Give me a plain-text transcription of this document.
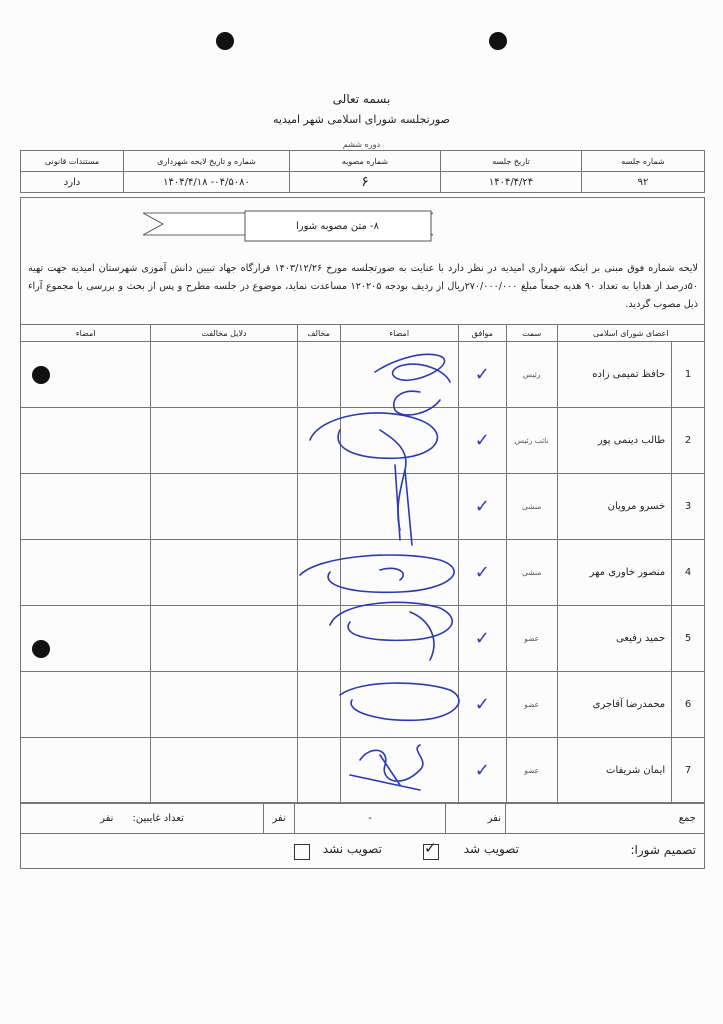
بسمه تعالی
صورتجلسه شورای اسلامی شهر امیدیه
دوره ششم
شماره جلسه	تاریخ جلسه	شماره مصوبه	شماره و تاریخ لایحه شهرداری	مستندات قانونی
۹۲	۱۴۰۴/۴/۲۴	۶	۰۴/۵۰۸۰- ۱۴۰۴/۴/۱۸	دارد
۸- متن مصوبه شورا
لایحه شماره فوق مبنی بر اینکه شهرداری امیدیه در نظر دارد با عنایت به صورتجلسه مورخ ۱۴۰۳/۱۲/۲۶ قرارگاه جهاد تبیین دانش آموزی شهرستان امیدیه جهت تهیه ۵۰درصد از هدایا به تعداد ۹۰ هدیه جمعاً مبلغ ۲۷۰/۰۰۰/۰۰۰ریال از ردیف بودجه ۱۲۰۲۰۵ مساعدت نماید، موضوع در جلسه مطرح و پس از بحث و بررسی با مجموع آراء ذیل مصوب گردید.
اعضای شورای اسلامی		سمت	موافق	امضاء	مخالف	دلایل مخالفت	امضاء
1	حافظ تمیمی زاده	رئیس	✓				
2	طالب دینمی پور	نائب رئیس	✓				
3	خسرو مرویان	منشی	✓				
4	منصور خاوری مهر	منشی	✓				
5	حمید رفیعی	عضو	✓				
6	محمدرضا آقاجری	عضو	✓				
7	ایمان شریفات	عضو	✓				
جمع	نفر	-	نفر	تعداد غایبین:      نفر
تصمیم شورا:
تصویب شد
✓
تصویب نشد
